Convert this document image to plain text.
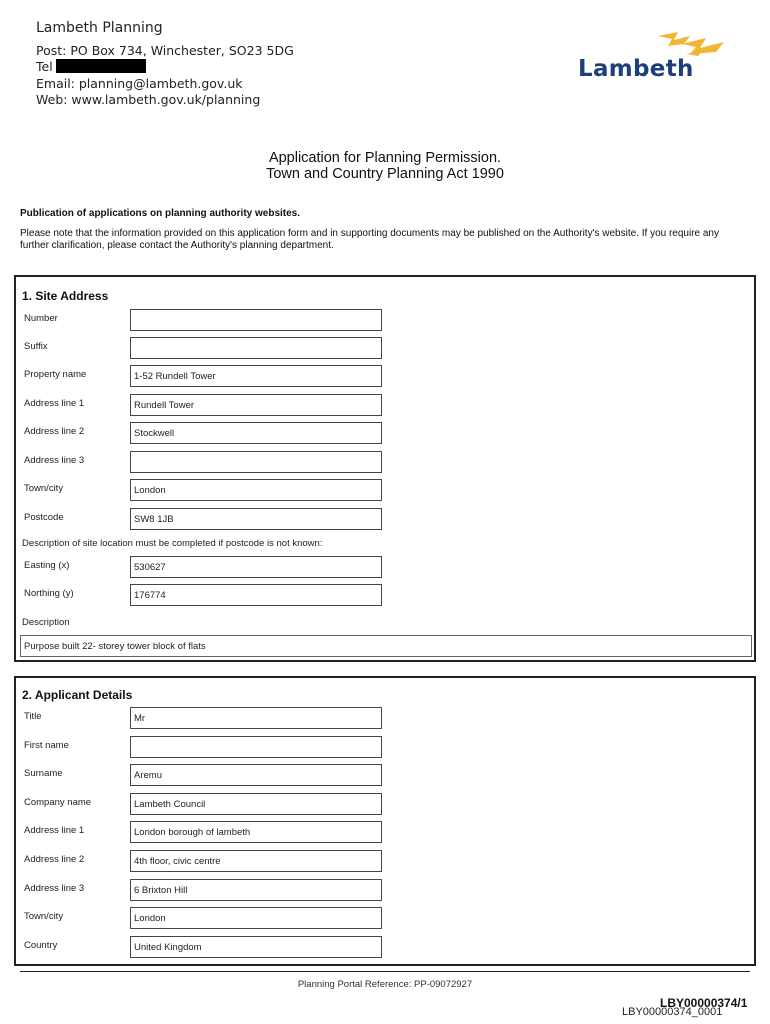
Lambeth Planning
Post: PO Box 734, Winchester, SO23 5DG
Tel
Email: planning@lambeth.gov.uk
Web: www.lambeth.gov.uk/planning
Lambeth
Application for Planning Permission.
Town and Country Planning Act 1990
Publication of applications on planning authority websites.
Please note that the information provided on this application form and in supporting documents may be published on the Authority's website. If you require any further clarification, please contact the Authority's planning department.
1. Site Address
Number
Suffix
Property name	1-52 Rundell Tower
Address line 1	Rundell Tower
Address line 2	Stockwell
Address line 3
Town/city	London
Postcode	SW8 1JB
Description of site location must be completed if postcode is not known:
Easting (x)	530627
Northing (y)	176774
Description
Purpose built 22- storey tower block of flats
2. Applicant Details
Title	Mr
First name
Surname	Aremu
Company name	Lambeth Council
Address line 1	London borough of lambeth
Address line 2	4th floor, civic centre
Address line 3	6 Brixton Hill
Town/city	London
Country	United Kingdom
Planning Portal Reference: PP-09072927
LBY00000374_0001
LBY00000374/1
